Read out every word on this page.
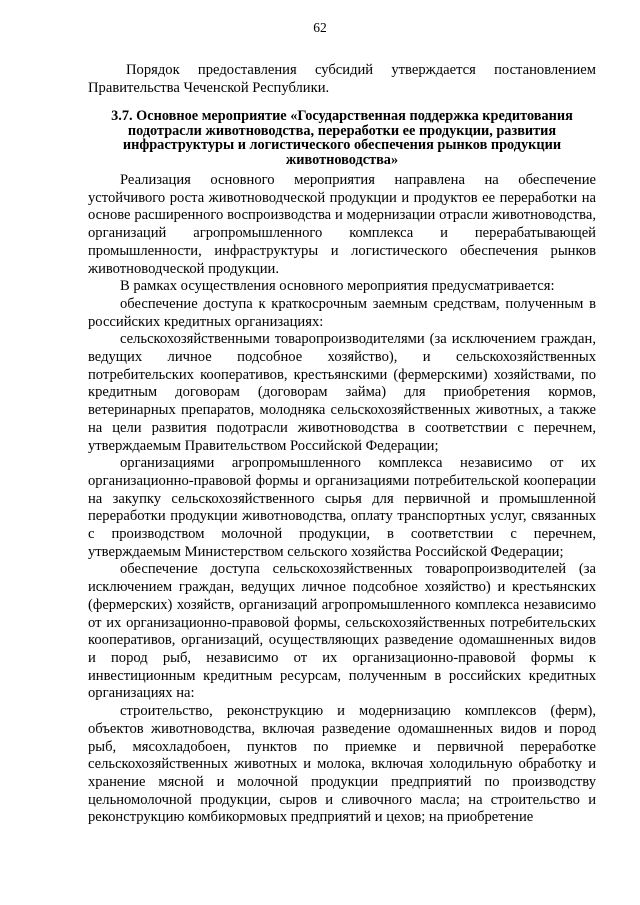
62

Порядок предоставления субсидий утверждается постановлением Правительства Чеченской Республики.

3.7. Основное мероприятие «Государственная поддержка кредитования подотрасли животноводства, переработки ее продукции, развития инфраструктуры и логистического обеспечения рынков продукции животноводства»

Реализация основного мероприятия направлена на обеспечение устойчивого роста животноводческой продукции и продуктов ее переработки на основе расширенного воспроизводства и модернизации отрасли животноводства, организаций агропромышленного комплекса и перерабатывающей промышленности, инфраструктуры и логистического обеспечения рынков животноводческой продукции.

В рамках осуществления основного мероприятия предусматривается:

обеспечение доступа к краткосрочным заемным средствам, полученным в российских кредитных организациях:

сельскохозяйственными товаропроизводителями (за исключением граждан, ведущих личное подсобное хозяйство), и сельскохозяйственных потребительских кооперативов, крестьянскими (фермерскими) хозяйствами, по кредитным договорам (договорам займа) для приобретения кормов, ветеринарных препаратов, молодняка сельскохозяйственных животных, а также на цели развития подотрасли животноводства в соответствии с перечнем, утверждаемым Правительством Российской Федерации;

организациями агропромышленного комплекса независимо от их организационно-правовой формы и организациями потребительской кооперации на закупку сельскохозяйственного сырья для первичной и промышленной переработки продукции животноводства, оплату транспортных услуг, связанных с производством молочной продукции, в соответствии с перечнем, утверждаемым Министерством сельского хозяйства Российской Федерации;

обеспечение доступа сельскохозяйственных товаропроизводителей (за исключением граждан, ведущих личное подсобное хозяйство) и крестьянских (фермерских) хозяйств, организаций агропромышленного комплекса независимо от их организационно-правовой формы, сельскохозяйственных потребительских кооперативов, организаций, осуществляющих разведение одомашненных видов и пород рыб, независимо от их организационно-правовой формы к инвестиционным кредитным ресурсам, полученным в российских кредитных организациях на:

строительство, реконструкцию и модернизацию комплексов (ферм), объектов животноводства, включая разведение одомашненных видов и пород рыб, мясохладобоен, пунктов по приемке и первичной переработке сельскохозяйственных животных и молока, включая холодильную обработку и хранение мясной и молочной продукции предприятий по производству цельномолочной продукции, сыров и сливочного масла; на строительство и реконструкцию комбикормовых предприятий и цехов; на приобретение
